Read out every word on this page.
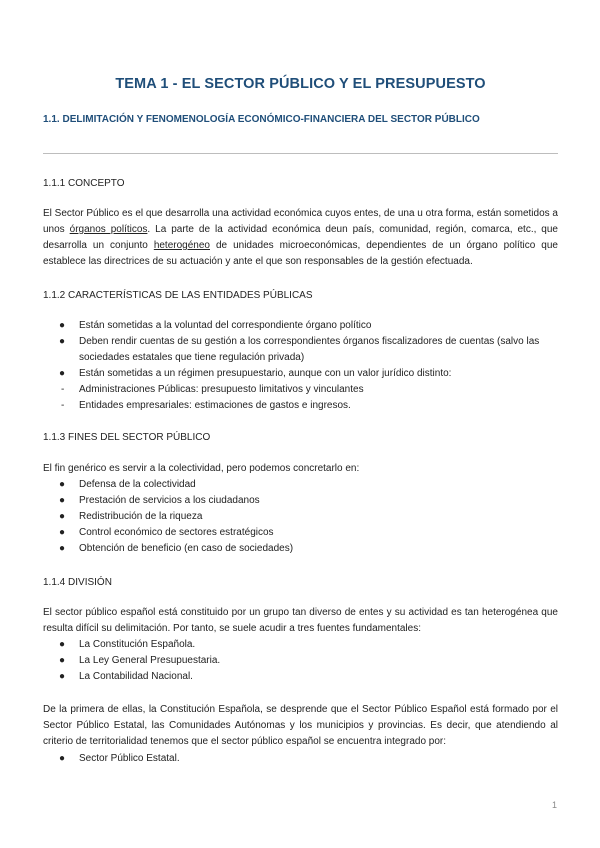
TEMA 1 - EL SECTOR PÚBLICO Y EL PRESUPUESTO
1.1. DELIMITACIÓN Y FENOMENOLOGÍA ECONÓMICO-FINANCIERA DEL SECTOR PÚBLICO
1.1.1 CONCEPTO
El Sector Público es el que desarrolla una actividad económica cuyos entes, de una u otra forma, están sometidos a unos órganos políticos. La parte de la actividad económica deun país, comunidad, región, comarca, etc., que desarrolla un conjunto heterogéneo de unidades microeconómicas, dependientes de un órgano político que establece las directrices de su actuación y ante el que son responsables de la gestión efectuada.
1.1.2 CARACTERÍSTICAS DE LAS ENTIDADES PÚBLICAS
● Están sometidas a la voluntad del correspondiente órgano político
● Deben rendir cuentas de su gestión a los correspondientes órganos fiscalizadores de cuentas (salvo las sociedades estatales que tiene regulación privada)
● Están sometidas a un régimen presupuestario, aunque con un valor jurídico distinto:
- Administraciones Públicas: presupuesto limitativos y vinculantes
- Entidades empresariales: estimaciones de gastos e ingresos.
1.1.3 FINES DEL SECTOR PÚBLICO
El fin genérico es servir a la colectividad, pero podemos concretarlo en:
● Defensa de la colectividad
● Prestación de servicios a los ciudadanos
● Redistribución de la riqueza
● Control económico de sectores estratégicos
● Obtención de beneficio (en caso de sociedades)
1.1.4 DIVISIÓN
El sector público español está constituido por un grupo tan diverso de entes y su actividad es tan heterogénea que resulta difícil su delimitación. Por tanto, se suele acudir a tres fuentes fundamentales:
● La Constitución Española.
● La Ley General Presupuestaria.
● La Contabilidad Nacional.
De la primera de ellas, la Constitución Española, se desprende que el Sector Público Español está formado por el Sector Público Estatal, las Comunidades Autónomas y los municipios y provincias. Es decir, que atendiendo al criterio de territorialidad tenemos que el sector público español se encuentra integrado por:
● Sector Público Estatal.
1
